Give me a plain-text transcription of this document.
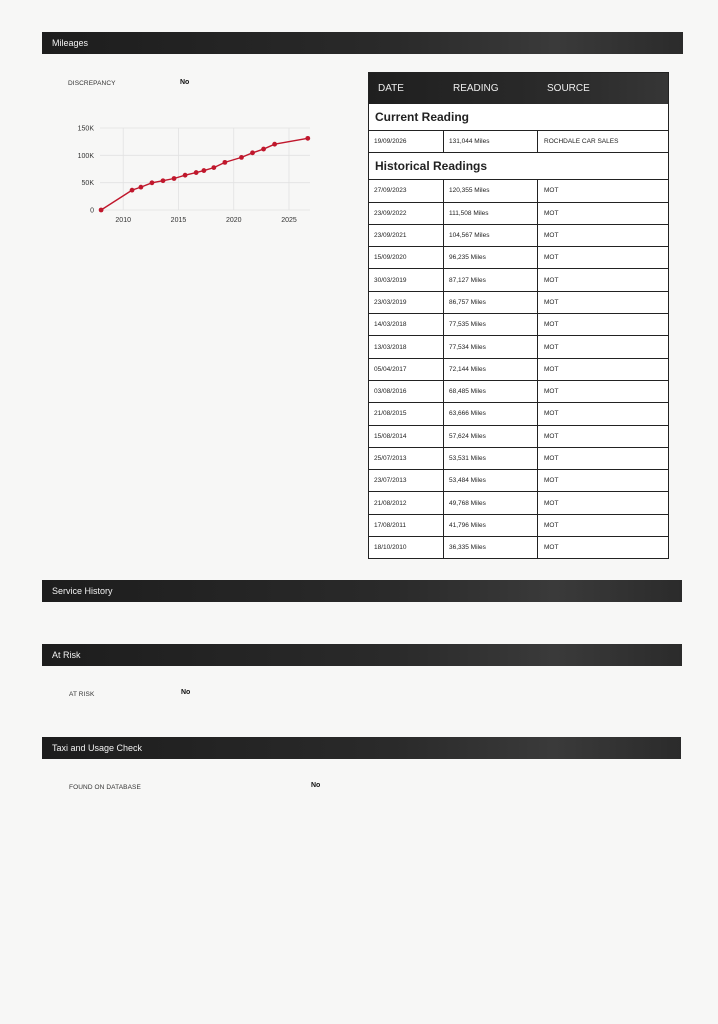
Mileages
DISCREPANCY	No
0
50K
100K
150K
2010	2015	2020	2025
DATE	READING	SOURCE
Current Reading
19/09/2026	131,044 Miles	ROCHDALE CAR SALES
Historical Readings
27/09/2023	120,355 Miles	MOT
23/09/2022	111,508 Miles	MOT
23/09/2021	104,567 Miles	MOT
15/09/2020	96,235 Miles	MOT
30/03/2019	87,127 Miles	MOT
23/03/2019	86,757 Miles	MOT
14/03/2018	77,535 Miles	MOT
13/03/2018	77,534 Miles	MOT
05/04/2017	72,144 Miles	MOT
03/08/2016	68,485 Miles	MOT
21/08/2015	63,666 Miles	MOT
15/08/2014	57,624 Miles	MOT
25/07/2013	53,531 Miles	MOT
23/07/2013	53,484 Miles	MOT
21/08/2012	49,768 Miles	MOT
17/08/2011	41,796 Miles	MOT
18/10/2010	36,335 Miles	MOT
Service History
At Risk
AT RISK	No
Taxi and Usage Check
FOUND ON DATABASE	No
